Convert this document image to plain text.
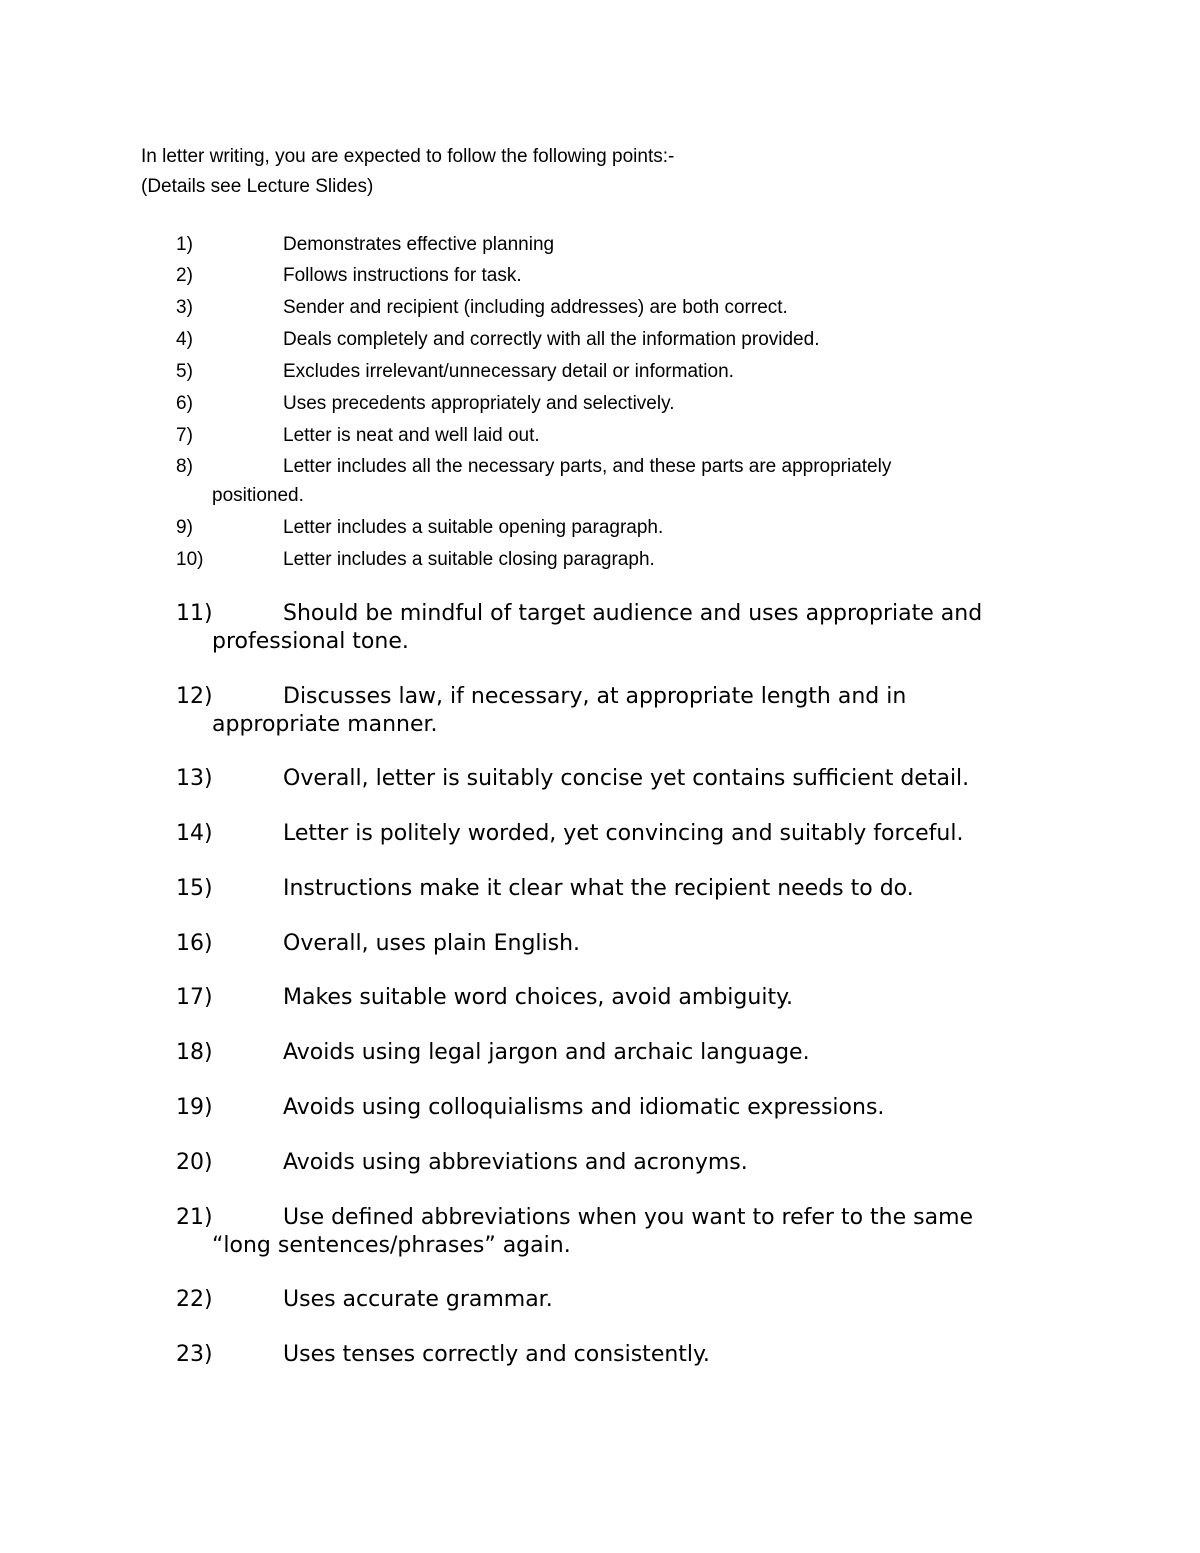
In letter writing, you are expected to follow the following points:-
(Details see Lecture Slides)
1)	Demonstrates effective planning
2)	Follows instructions for task.
3)	Sender and recipient (including addresses) are both correct.
4)	Deals completely and correctly with all the information provided.
5)	Excludes irrelevant/unnecessary detail or information.
6)	Uses precedents appropriately and selectively.
7)	Letter is neat and well laid out.
8)	Letter includes all the necessary parts, and these parts are appropriately
positioned.
9)	Letter includes a suitable opening paragraph.
10)	Letter includes a suitable closing paragraph.
11)	Should be mindful of target audience and uses appropriate and
professional tone.
12)	Discusses law, if necessary, at appropriate length and in
appropriate manner.
13)	Overall, letter is suitably concise yet contains sufficient detail.
14)	Letter is politely worded, yet convincing and suitably forceful.
15)	Instructions make it clear what the recipient needs to do.
16)	Overall, uses plain English.
17)	Makes suitable word choices, avoid ambiguity.
18)	Avoids using legal jargon and archaic language.
19)	Avoids using colloquialisms and idiomatic expressions.
20)	Avoids using abbreviations and acronyms.
21)	Use defined abbreviations when you want to refer to the same
“long sentences/phrases” again.
22)	Uses accurate grammar.
23)	Uses tenses correctly and consistently.
